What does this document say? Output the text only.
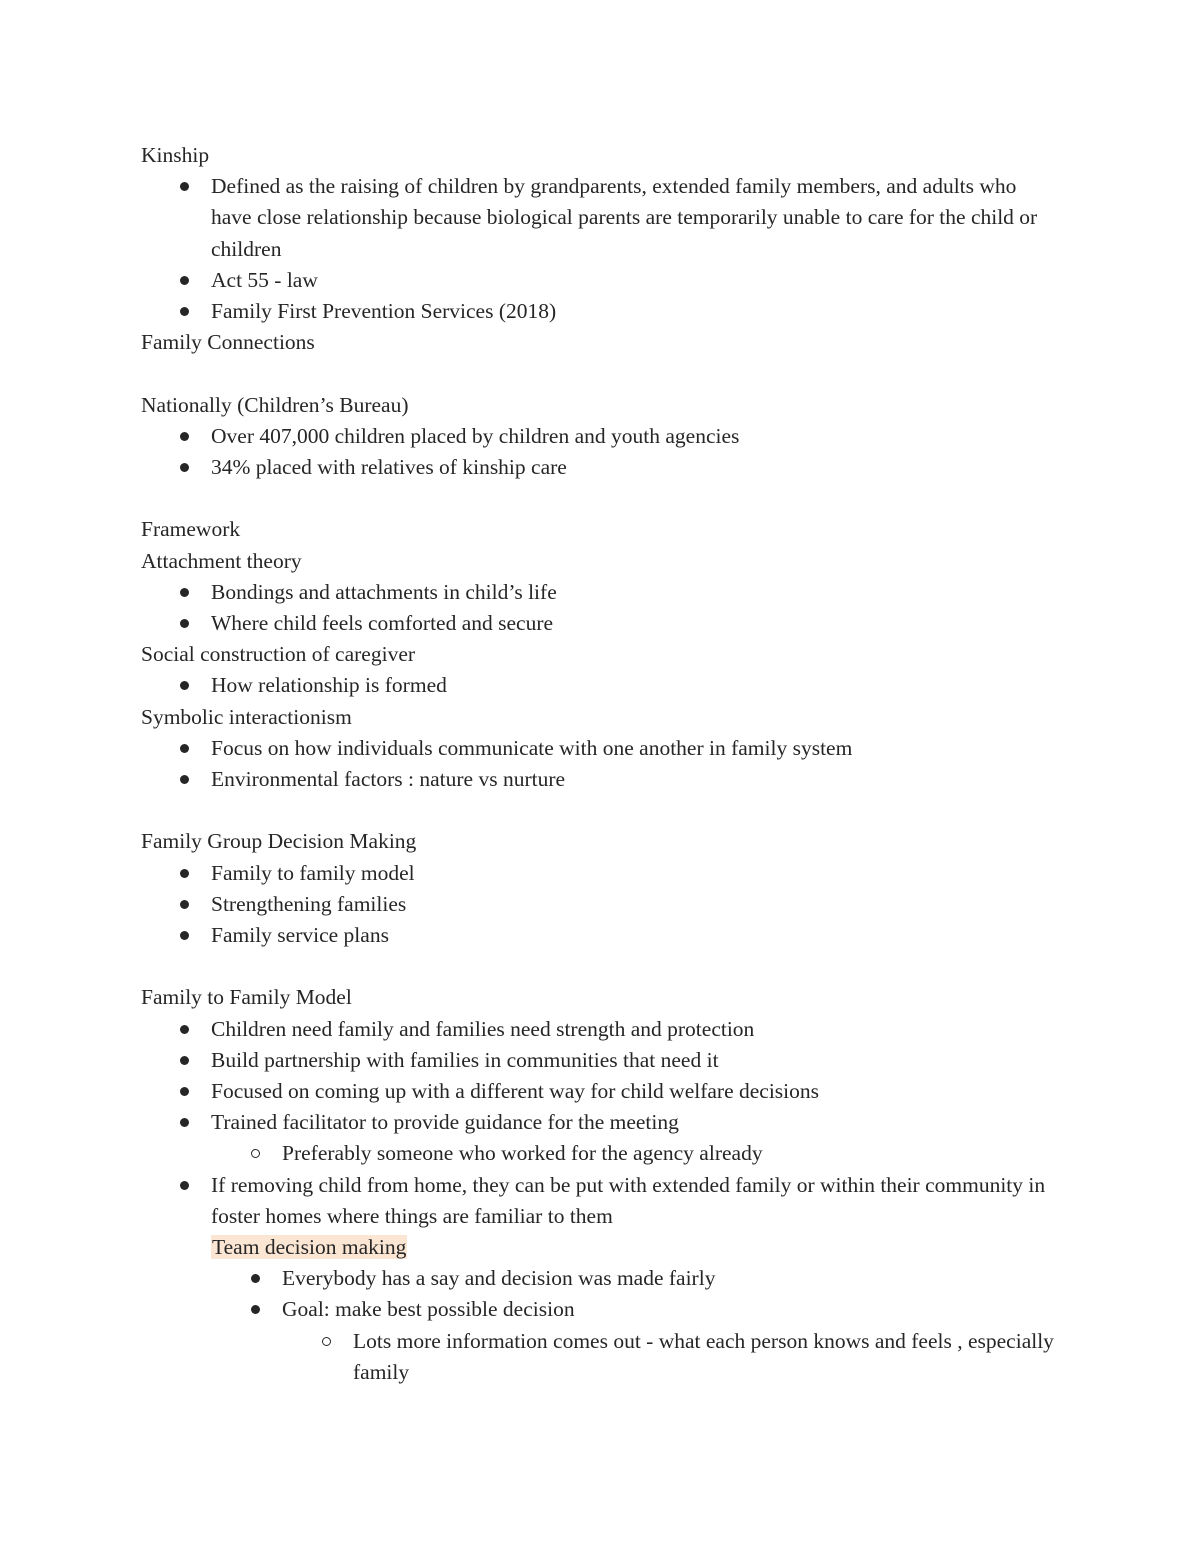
Kinship
Defined as the raising of children by grandparents, extended family members, and adults who have close relationship because biological parents are temporarily unable to care for the child or children
Act 55 - law
Family First Prevention Services (2018)
Family Connections
Nationally (Children’s Bureau)
Over 407,000 children placed by children and youth agencies
34% placed with relatives of kinship care
Framework
Attachment theory
Bondings and attachments in child’s life
Where child feels comforted and secure
Social construction of caregiver
How relationship is formed
Symbolic interactionism
Focus on how individuals communicate with one another in family system
Environmental factors : nature vs nurture
Family Group Decision Making
Family to family model
Strengthening families
Family service plans
Family to Family Model
Children need family and families need strength and protection
Build partnership with families in communities that need it
Focused on coming up with a different way for child welfare decisions
Trained facilitator to provide guidance for the meeting
Preferably someone who worked for the agency already
If removing child from home, they can be put with extended family or within their community in foster homes where things are familiar to them
Team decision making
Everybody has a say and decision was made fairly
Goal: make best possible decision
Lots more information comes out - what each person knows and feels , especially family
